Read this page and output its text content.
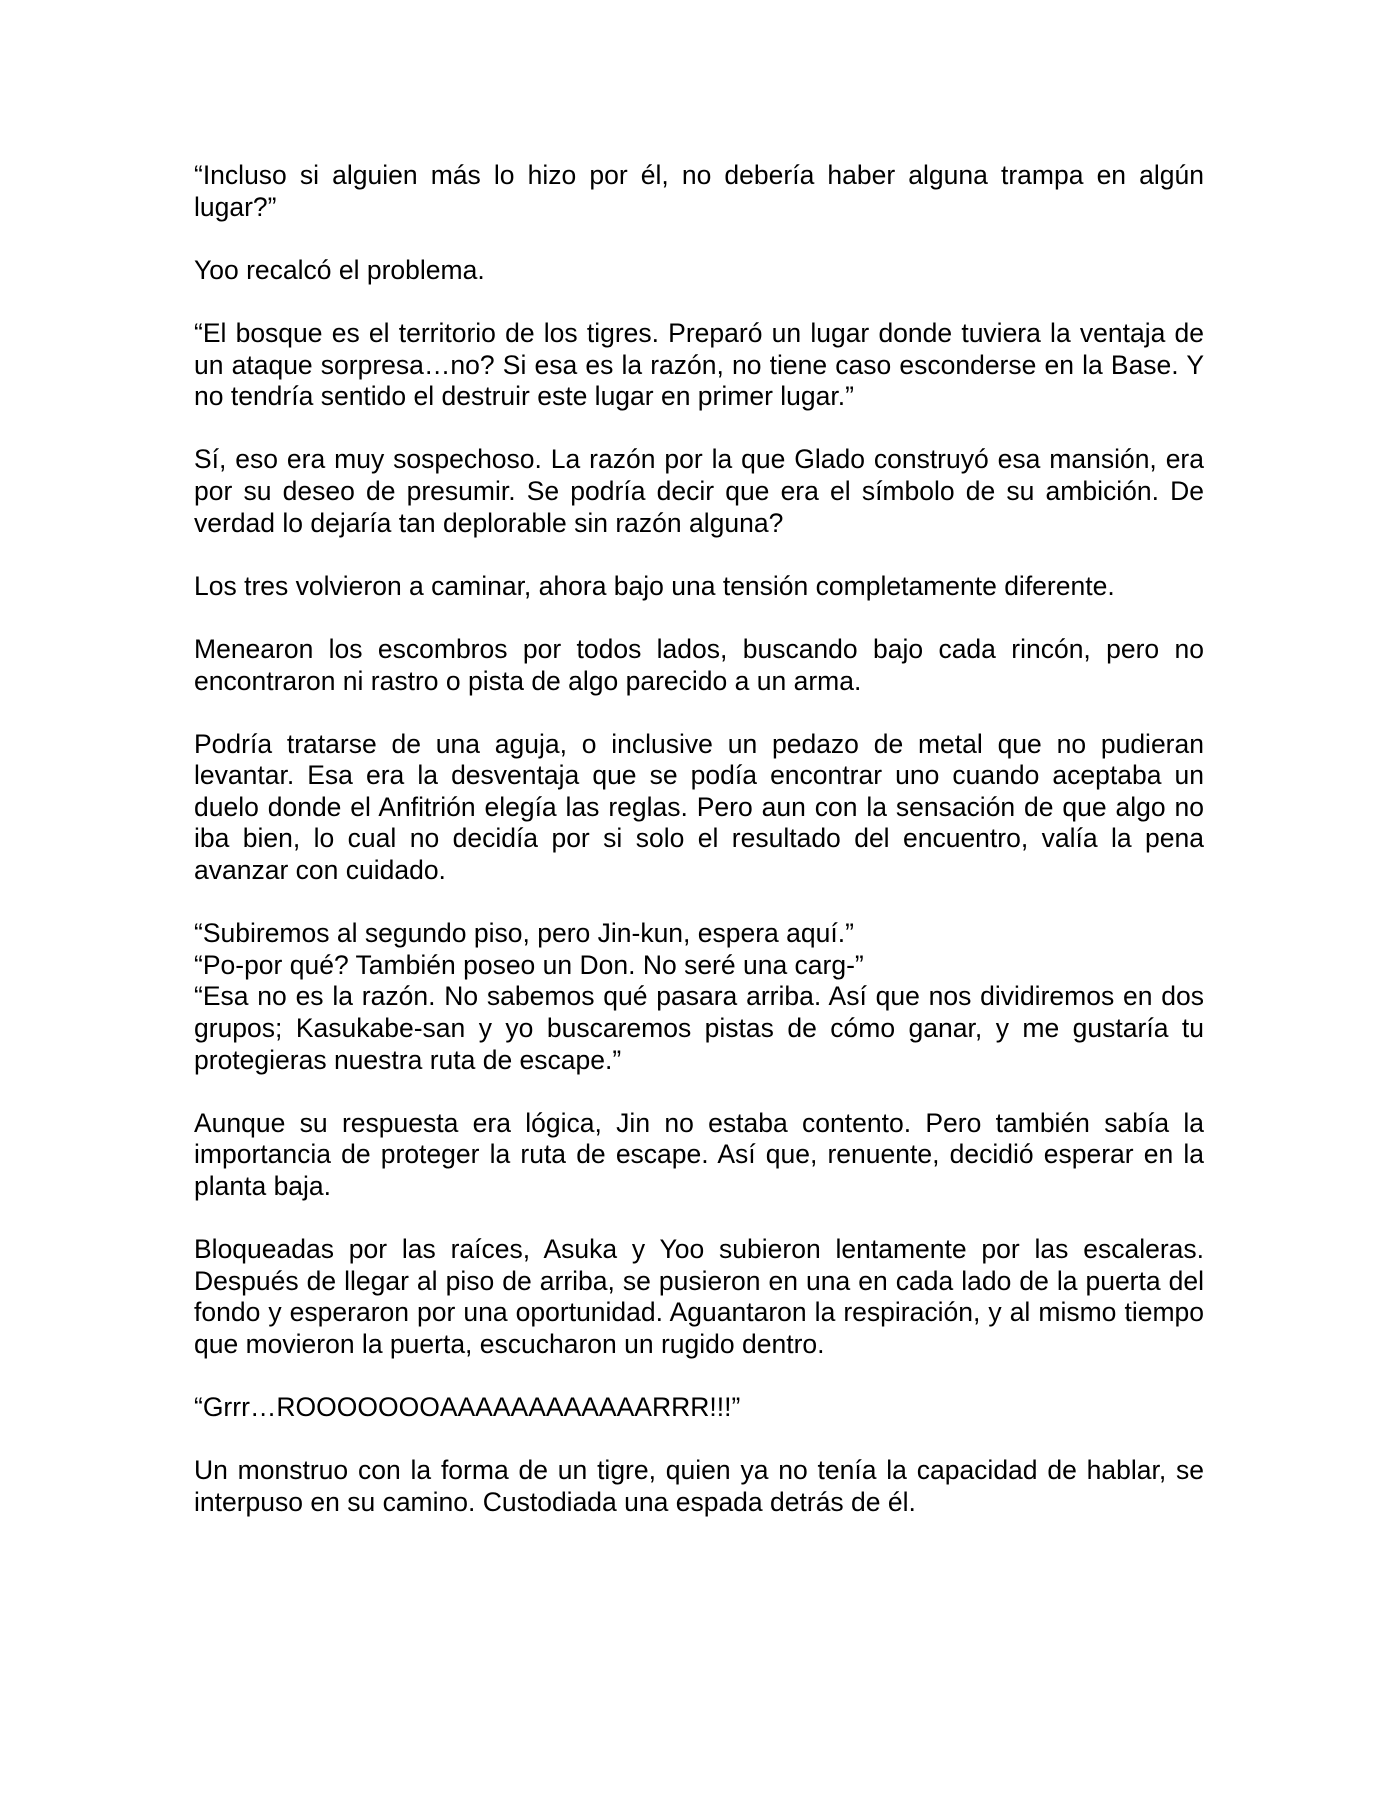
“Incluso si alguien más lo hizo por él, no debería haber alguna trampa en algún lugar?”

Yoo recalcó el problema.

“El bosque es el territorio de los tigres. Preparó un lugar donde tuviera la ventaja de un ataque sorpresa…no? Si esa es la razón, no tiene caso esconderse en la Base. Y no tendría sentido el destruir este lugar en primer lugar.”

Sí, eso era muy sospechoso. La razón por la que Glado construyó esa mansión, era por su deseo de presumir. Se podría decir que era el símbolo de su ambición. De verdad lo dejaría tan deplorable sin razón alguna?

Los tres volvieron a caminar, ahora bajo una tensión completamente diferente.

Menearon los escombros por todos lados, buscando bajo cada rincón, pero no encontraron ni rastro o pista de algo parecido a un arma.

Podría tratarse de una aguja, o inclusive un pedazo de metal que no pudieran levantar. Esa era la desventaja que se podía encontrar uno cuando aceptaba un duelo donde el Anfitrión elegía las reglas. Pero aun con la sensación de que algo no iba bien, lo cual no decidía por si solo el resultado del encuentro, valía la pena avanzar con cuidado.

“Subiremos al segundo piso, pero Jin-kun, espera aquí.”

“Po-por qué? También poseo un Don. No seré una carg-”

“Esa no es la razón. No sabemos qué pasara arriba. Así que nos dividiremos en dos grupos; Kasukabe-san y yo buscaremos pistas de cómo ganar, y me gustaría tu protegieras nuestra ruta de escape.”

Aunque su respuesta era lógica, Jin no estaba contento. Pero también sabía la importancia de proteger la ruta de escape. Así que, renuente, decidió esperar en la planta baja.

Bloqueadas por las raíces, Asuka y Yoo subieron lentamente por las escaleras. Después de llegar al piso de arriba, se pusieron en una en cada lado de la puerta del fondo y esperaron por una oportunidad. Aguantaron la respiración, y al mismo tiempo que movieron la puerta, escucharon un rugido dentro.

“Grrr…ROOOOOOOAAAAAAAAAAAARRR!!!”

Un monstruo con la forma de un tigre, quien ya no tenía la capacidad de hablar, se interpuso en su camino. Custodiada una espada detrás de él.
